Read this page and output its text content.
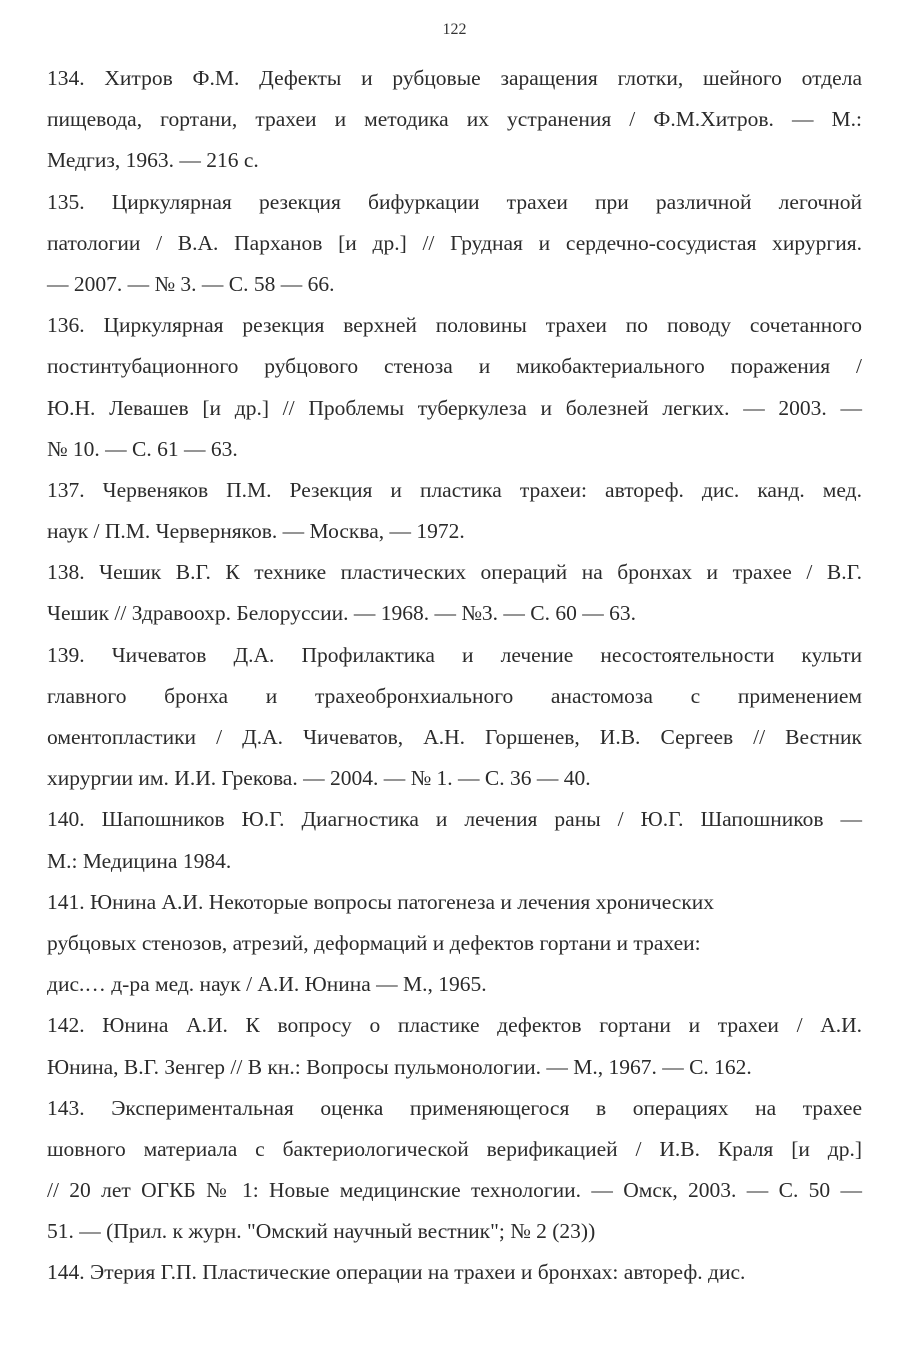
122
134. Хитров Ф.М. Дефекты и рубцовые заращения глотки, шейного отдела
пищевода, гортани, трахеи и методика их устранения / Ф.М.Хитров. — М.:
Медгиз, 1963. — 216 с.
135. Циркулярная резекция бифуркации трахеи при различной легочной
патологии / В.А. Парханов [и др.] // Грудная и сердечно-сосудистая хирургия.
— 2007. — № 3. — С. 58 — 66.
136. Циркулярная резекция верхней половины трахеи по поводу сочетанного
постинтубационного рубцового стеноза и микобактериального поражения /
Ю.Н. Левашев [и др.] // Проблемы туберкулеза и болезней легких. — 2003. —
№ 10. — С. 61 — 63.
137. Червеняков П.М. Резекция и пластика трахеи: автореф. дис. канд. мед.
наук / П.М. Черверняков. — Москва, — 1972.
138. Чешик В.Г. К технике пластических операций на бронхах и трахее / В.Г.
Чешик // Здравоохр. Белоруссии. — 1968. — №3. — С. 60 — 63.
139. Чичеватов Д.А. Профилактика и лечение несостоятельности культи
главного бронха и трахеобронхиального анастомоза с применением
оментопластики / Д.А. Чичеватов, А.Н. Горшенев, И.В. Сергеев // Вестник
хирургии им. И.И. Грекова. — 2004. — № 1. — С. 36 — 40.
140. Шапошников Ю.Г. Диагностика и лечения раны / Ю.Г. Шапошников —
М.: Медицина 1984.
141. Юнина А.И. Некоторые вопросы патогенеза и лечения хронических
рубцовых стенозов, атрезий, деформаций и дефектов гортани и трахеи:
дис.… д-ра мед. наук / А.И. Юнина — М., 1965.
142. Юнина А.И. К вопросу о пластике дефектов гортани и трахеи / А.И.
Юнина, В.Г. Зенгер // В кн.: Вопросы пульмонологии. — М., 1967. — С. 162.
143. Экспериментальная оценка применяющегося в операциях на трахее
шовного материала с бактериологической верификацией / И.В. Краля [и др.]
// 20 лет ОГКБ № 1: Новые медицинские технологии. — Омск, 2003. — С. 50 —
51. — (Прил. к журн. "Омский научный вестник"; № 2 (23))
144. Этерия Г.П. Пластические операции на трахеи и бронхах: автореф. дис.
